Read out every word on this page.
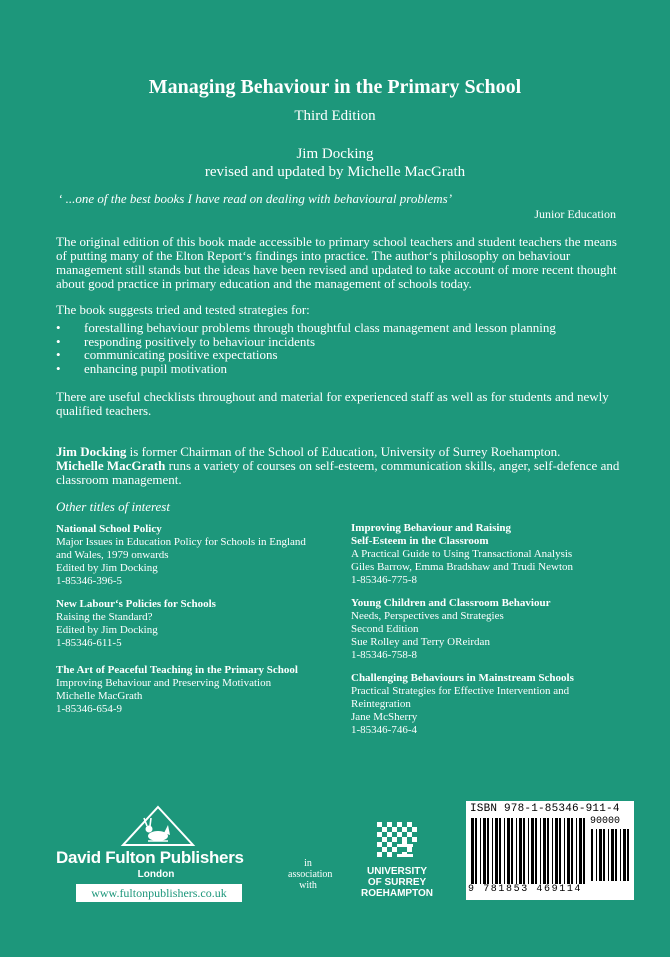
Managing Behaviour in the Primary School
Third Edition
Jim Docking
revised and updated by Michelle MacGrath
‘ ...one of the best books I have read on dealing with behavioural problems’
Junior Education
The original edition of this book made accessible to primary school teachers and student teachers the means of putting many of the Elton Report‘s findings into practice. The author‘s philosophy on behaviour management still stands but the ideas have been revised and updated to take account of more recent thought about good practice in primary education and the management of schools today.
The book suggests tried and tested strategies for:
• forestalling behaviour problems through thoughtful class management and lesson planning
• responding positively to behaviour incidents
• communicating positive expectations
• enhancing pupil motivation
There are useful checklists throughout and material for experienced staff as well as for students and newly qualified teachers.
Jim Docking is former Chairman of the School of Education, University of Surrey Roehampton.
Michelle MacGrath runs a variety of courses on self-esteem, communication skills, anger, self-defence and classroom management.
Other titles of interest
National School Policy
Major Issues in Education Policy for Schools in England
and Wales, 1979 onwards
Edited by Jim Docking
1-85346-396-5
New Labour‘s Policies for Schools
Raising the Standard?
Edited by Jim Docking
1-85346-611-5
The Art of Peaceful Teaching in the Primary School
Improving Behaviour and Preserving Motivation
Michelle MacGrath
1-85346-654-9
Improving Behaviour and Raising
Self-Esteem in the Classroom
A Practical Guide to Using Transactional Analysis
Giles Barrow, Emma Bradshaw and Trudi Newton
1-85346-775-8
Young Children and Classroom Behaviour
Needs, Perspectives and Strategies
Second Edition
Sue Rolley and Terry OReirdan
1-85346-758-8
Challenging Behaviours in Mainstream Schools
Practical Strategies for Effective Intervention and
Reintegration
Jane McSherry
1-85346-746-4
David Fulton Publishers
London
www.fultonpublishers.co.uk
in
association
with
UNIVERSITY
OF SURREY
ROEHAMPTON
ISBN 978-1-85346-911-4
90000
9 781853 469114
